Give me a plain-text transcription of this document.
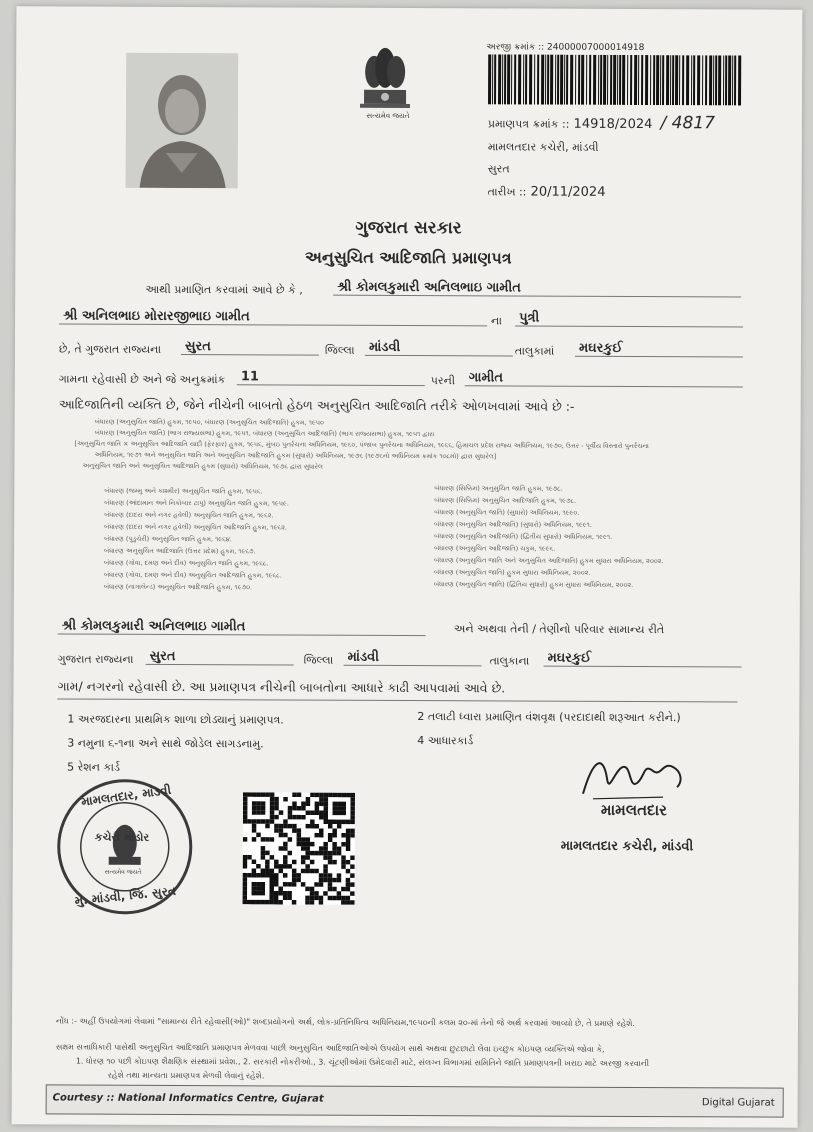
સત્યમેવ જયતે
અરજી ક્રમાંક :: 24000007000014918
પ્રમાણપત્ર ક્રમાંક :: 14918/2024 / 4817
મામલતદાર કચેરી, માંડવી
સુરત
તારીખ :: 20/11/2024
ગુજરાત સરકાર
અનુસુચિત આદિજાતિ પ્રમાણપત્ર
આથી પ્રમાણિત કરવામાં આવે છે કે ,	શ્રી કોમલકુમારી અનિલભાઇ ગામીત
શ્રી અનિલભાઇ મોરારજીભાઇ ગામીત	ના	પુત્રી
છે, તે ગુજરાત રાજ્યના	સુરત	જિલ્લા	માંડવી	તાલુકામાં	મઘરકુઈ
ગામના રહેવાસી છે અને જે અનુક્રમાંક	11	પરની	ગામીત
આદિજાતિની વ્યક્તિ છે, જેને નીચેની બાબતો હેઠળ અનુસુચિત આદિજાતિ તરીકે ઓળખવામાં આવે છે :-
બંધારણ (અનુસુચિત જાતિ) હુકમ, ૧૯૫૦, બંધારણ (અનુસુચિત આદિજાતિ) હુકમ, ૧૯૫૦
બંધારણ (અનુસુચિત જાતિ) (ભાગ રાજ્યસભા) હુકમ, ૧૯૫૧, બંધારણ (અનુસુચિત આદિજાતિ) (ભાગ રાજ્યસભા) હુકમ, ૧૯૫૧ દ્વારા
[અનુસુચિત જાતિ × અનુસુચિત આદિજાતિ યાદી (ફેરફાર) હુકમ, ૧૯૫૬, મુંબઇ પુનર્રચના અધિનિયમ, ૧૯૬૦, પંજાબ પુનર્રચના અધિનિયમ, ૧૯૬૬, હિમાચલ પ્રદેશ રાજ્ય અધિનિયમ, ૧૯૭૦, ઉત્તર - પૂર્વીય વિસ્તારો પુનર્રચના
અધિનિયમ, ૧૯૭૧ અને અનુસુચિત જાતિ અને અનુસુચિત આદિજાતિ હુકમ (સુધારો) અધિનિયમ, ૧૯૭૬ (૧૯૭૬નો અધિનિયમ ક્રમાંક ૧૦૮મો) દ્વારા સુધારેલ]
અનુસુચિત જાતિ અને અનુસુચિત આદિજાતિ હુકમ (સુધારો) અધિનિયમ, ૧૯૭૬ દ્વારા સુધારેલ
બંધારણ (જમ્મુ અને કાશ્મીર) અનુસુચિત જાતિ હુકમ, ૧૯૫૬.
બંધારણ (આંદામાન અને નિકોબાર ટાપુ) અનુસુચિત જાતિ હુકમ, ૧૯૫૯.
બંધારણ (દાદરા અને નગર હવેલી) અનુસુચિત જાતિ હુકમ, ૧૯૬૨.
બંધારણ (દાદરા અને નગર હવેલી) અનુસુચિત આદિજાતિ હુકમ, ૧૯૬૨.
બંધારણ (પુડુચેરી) અનુસુચિત જાતિ હુકમ, ૧૯૬૪.
બંધારણ અનુસુચિત આદિજાતિ (ઉત્તર પ્રદેશ) હુકમ, ૧૯૬૭.
બંધારણ (ગોવા, દમણ અને દીવ) અનુસુચિત જાતિ હુકમ, ૧૯૬૮.
બંધારણ (ગોવા, દમણ અને દીવ) અનુસુચિત આદિજાતિ હુકમ, ૧૯૬૮.
બંધારણ (નાગાલેન્ડ) અનુસુચિત આદિજાતિ હુકમ, ૧૯૭૦.
બંધારણ (સિક્કિમ) અનુસુચિત જાતિ હુકમ, ૧૯૭૮.
બંધારણ (સિક્કિમ) અનુસુચિત આદિજાતિ હુકમ, ૧૯૭૮.
બંધારણ (અનુસુચિત જાતિ) (સુધારો) અધિનિયમ, ૧૯૯૦.
બંધારણ (અનુસુચિત આદિજાતિ) (સુધારો) અધિનિયમ, ૧૯૯૧.
બંધારણ (અનુસુચિત આદિજાતિ) (દ્વિતીય સુધારો) અધિનિયમ, ૧૯૯૧.
બંધારણ (અનુસુચિત આદિજાતિ) ચકુમ, ૧૯૯૬.
બંધારણ (અનુસુચિત જાતિ અને અનુસુચિત આદિજાતિ) હુકમ સુધારા અધિનિયમ, ૨૦૦૨.
બંધારણ (અનુસુચિત જાતિ) હુકમ સુધારા અધિનિયમ, ૨૦૦૨.
બંધારણ (અનુસુચિત જાતિ) (દ્વિતિય સુધારો) હુકમ સુધારા અધિનિયમ, ૨૦૦૨.
શ્રી કોમલકુમારી અનિલભાઇ ગામીત	અને અથવા તેની / તેણીનો પરિવાર સામાન્ય રીતે
ગુજરાત રાજ્યના	સુરત	જિલ્લા	માંડવી	તાલુકાના	મઘરકુઈ
ગામ/ નગરનો રહેવાસી છે. આ પ્રમાણપત્ર નીચેની બાબતોના આધારે કાઢી આપવામાં આવે છે.
1 અરજદારના પ્રાથમિક શાળા છોડ્યાનું પ્રમાણપત્ર.	2 તલાટી ધ્વારા પ્રમાણિત વંશવૃક્ષ (પરદાદાથી શરૂઆત કરીને.)
3 નમુના ૬-૧ના અને સાથે જોડેલ સાગડનામુ.	4 આધારકાર્ડ
5 રેશન કાર્ડ
મામલતદાર, માંડવી
કચેરી મોડોર
સત્યમેવ જયતે
મુ. માંડવી, જિ. સુરત
મામલતદાર
મામલતદાર કચેરી, માંડવી
નોંધ :- અહીં ઉપયોગમાં લેવામાં "સામાન્ય રીતે રહેવાસી(ઓ)" શબ્દપ્રયોગનો અર્થ, લોક-પ્રતિનિધિત્વ અધિનિયમ,૧૯૫૦ની કલમ ૨૦-માં તેનો જે અર્થ કરવામાં આવ્યો છે, તે પ્રમાણે રહેશે.
સક્ષમ સત્તાધિકારી પાસેથી અનુસુચિત આદિજાતિ પ્રમાણપત્ર મેળવવા પાછી અનુસુચિત આદિજાતિઓએ ઉપયોગ સાથે અથવા છુટછાટો લેવા ઇચ્છુક કોઇપણ વ્યક્તિએ જોવા કે,
1. ધોરણ ૧૦ પછી કોઇપણ શૈક્ષણિક સંસ્થામાં પ્રવેશ., 2. સરકારી નોકરીઓ., 3. ચૂંટણીઓમાં ઉમેદવારી માટે, સંલગ્ન વિભાગમાં સમિતિને જાતિ પ્રમાણપત્રની ખરાઇ માટે અરજી કરવાની
રહેશે તથા માન્યતા પ્રમાણપત્ર મેળવી લેવાનું રહેશે.
Courtesy :: National Informatics Centre, Gujarat	Digital Gujarat
